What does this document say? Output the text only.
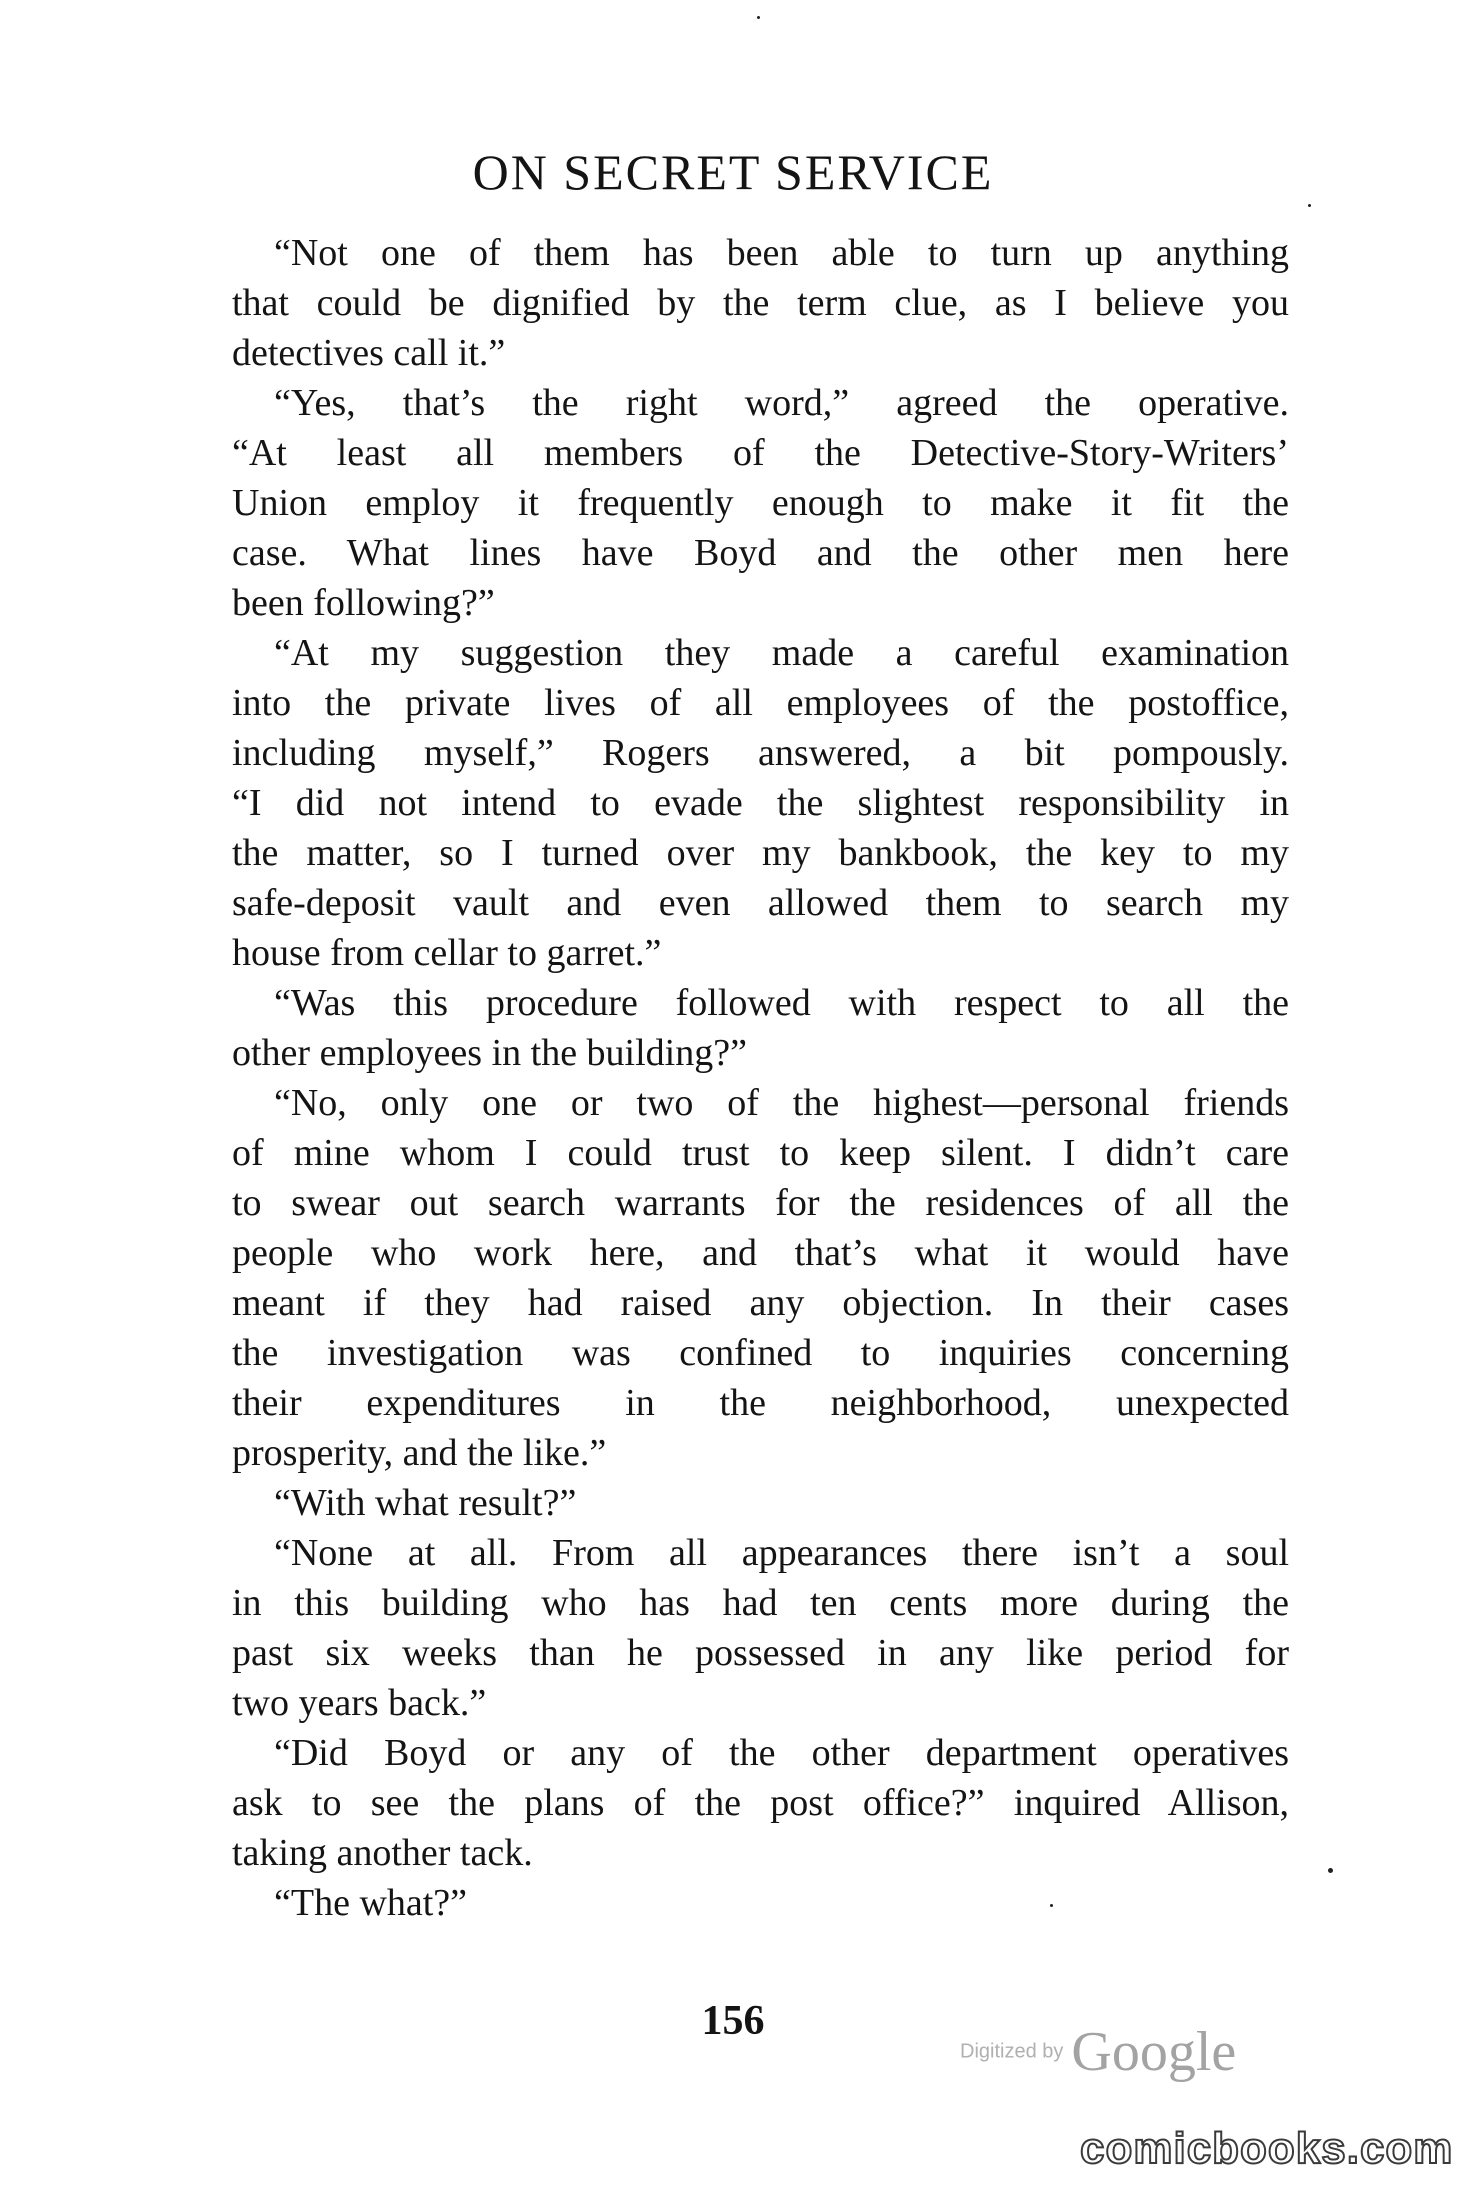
ON SECRET SERVICE
“Not one of them has been able to turn up anything
that could be dignified by the term clue, as I believe you
detectives call it.”
“Yes, that’s the right word,” agreed the operative.
“At least all members of the Detective-Story-Writers’
Union employ it frequently enough to make it fit the
case. What lines have Boyd and the other men here
been following?”
“At my suggestion they made a careful examination
into the private lives of all employees of the postoffice,
including myself,” Rogers answered, a bit pompously.
“I did not intend to evade the slightest responsibility in
the matter, so I turned over my bankbook, the key to my
safe-deposit vault and even allowed them to search my
house from cellar to garret.”
“Was this procedure followed with respect to all the
other employees in the building?”
“No, only one or two of the highest—personal friends
of mine whom I could trust to keep silent. I didn’t care
to swear out search warrants for the residences of all the
people who work here, and that’s what it would have
meant if they had raised any objection. In their cases
the investigation was confined to inquiries concerning
their expenditures in the neighborhood, unexpected
prosperity, and the like.”
“With what result?”
“None at all. From all appearances there isn’t a soul
in this building who has had ten cents more during the
past six weeks than he possessed in any like period for
two years back.”
“Did Boyd or any of the other department operatives
ask to see the plans of the post office?” inquired Allison,
taking another tack.
“The what?”
156
Digitized by Google
comicbooks.com
